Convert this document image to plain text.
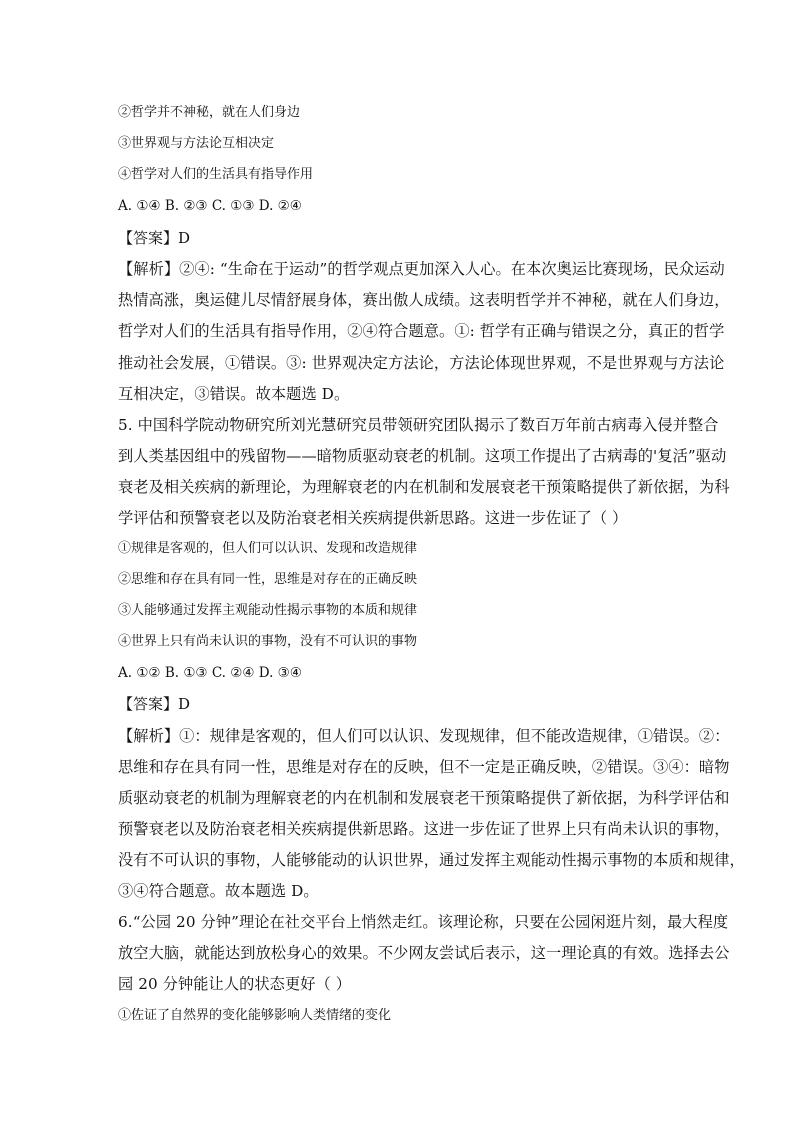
②哲学并不神秘，就在人们身边
③世界观与方法论互相决定
④哲学对人们的生活具有指导作用
A. ①④ B. ②③ C. ①③ D. ②④
【答案】D
【解析】②④: “生命在于运动”的哲学观点更加深入人心。在本次奥运比赛现场，民众运动
热情高涨，奥运健儿尽情舒展身体，赛出傲人成绩。这表明哲学并不神秘，就在人们身边，
哲学对人们的生活具有指导作用，②④符合题意。①: 哲学有正确与错误之分，真正的哲学
推动社会发展，①错误。③: 世界观决定方法论，方法论体现世界观，不是世界观与方法论
互相决定，③错误。故本题选 D。
5. 中国科学院动物研究所刘光慧研究员带领研究团队揭示了数百万年前古病毒入侵并整合
到人类基因组中的残留物——暗物质驱动衰老的机制。这项工作提出了古病毒的'复活”驱动
衰老及相关疾病的新理论，为理解衰老的内在机制和发展衰老干预策略提供了新依据，为科
学评估和预警衰老以及防治衰老相关疾病提供新思路。这进一步佐证了（ ）
①规律是客观的，但人们可以认识、发现和改造规律
②思维和存在具有同一性，思维是对存在的正确反映
③人能够通过发挥主观能动性揭示事物的本质和规律
④世界上只有尚未认识的事物，没有不可认识的事物
A. ①② B. ①③ C. ②④ D. ③④
【答案】D
【解析】①：规律是客观的，但人们可以认识、发现规律，但不能改造规律，①错误。②：
思维和存在具有同一性，思维是对存在的反映，但不一定是正确反映，②错误。③④：暗物
质驱动衰老的机制为理解衰老的内在机制和发展衰老干预策略提供了新依据，为科学评估和
预警衰老以及防治衰老相关疾病提供新思路。这进一步佐证了世界上只有尚未认识的事物，
没有不可认识的事物，人能够能动的认识世界，通过发挥主观能动性揭示事物的本质和规律，
③④符合题意。故本题选 D。
6.“公园 20 分钟”理论在社交平台上悄然走红。该理论称，只要在公园闲逛片刻，最大程度
放空大脑，就能达到放松身心的效果。不少网友尝试后表示，这一理论真的有效。选择去公
园 20 分钟能让人的状态更好（ ）
①佐证了自然界的变化能够影响人类情绪的变化
